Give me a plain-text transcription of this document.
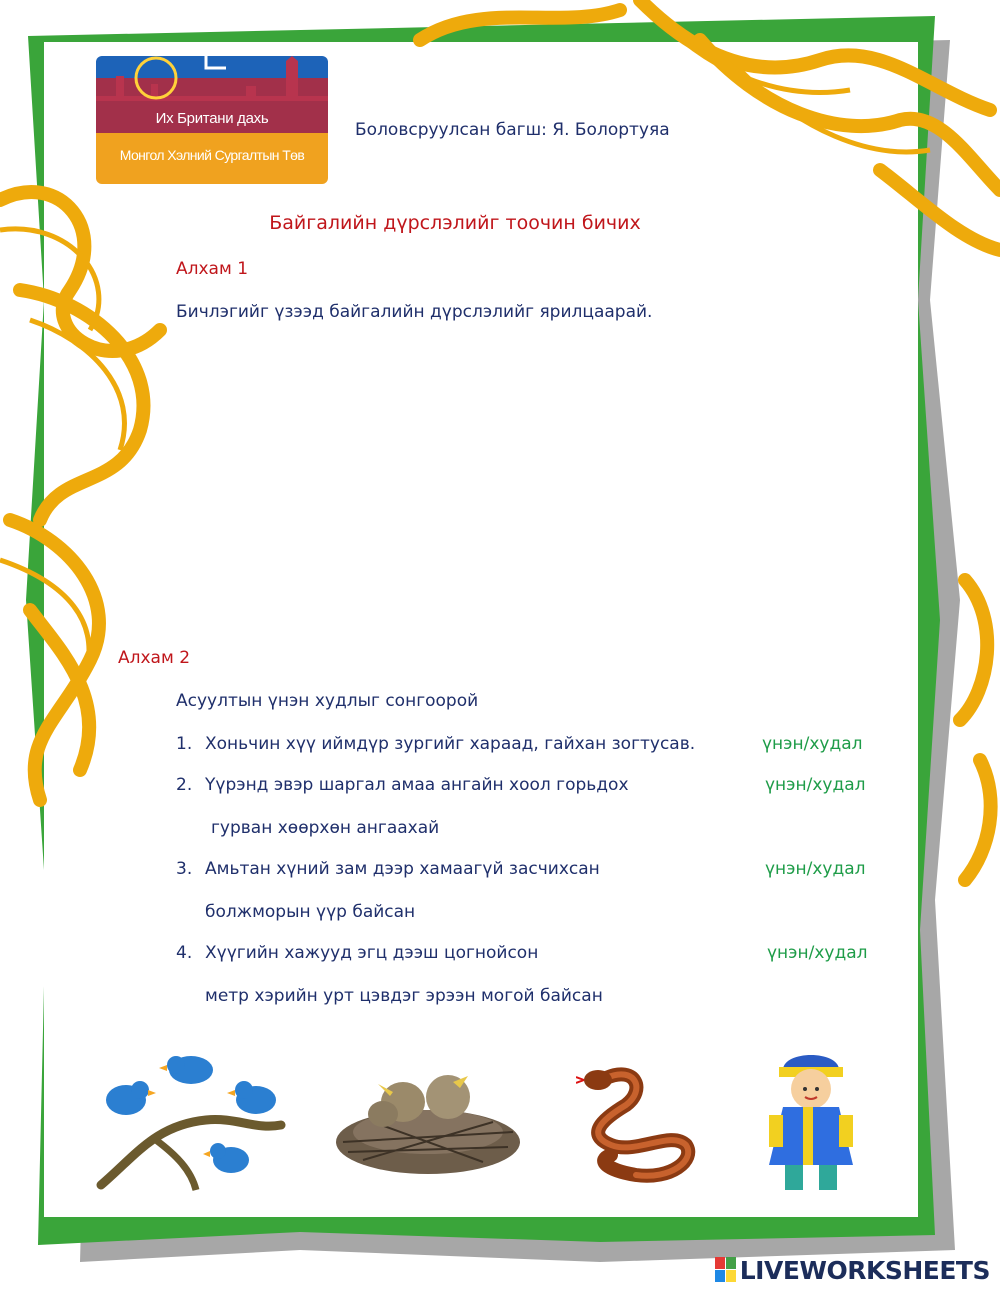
Их Британи дахь
Монгол Хэлний Сургалтын Төв
Боловсруулсан багш: Я. Болортуяа
Байгалийн дүрслэлийг тоочин бичих
Алхам 1
Бичлэгийг үзээд байгалийн дүрслэлийг ярилцаарай.
Алхам 2
Асуултын үнэн худлыг сонгоорой
1. Хоньчин хүү иймдүр зургийг хараад, гайхан зогтусав.	үнэн/худал
2. Үүрэнд эвэр шаргал амаа ангайн хоол горьдох
гурван хөөрхөн ангаахай
үнэн/худал
3. Амьтан хүний зам дээр хамаагүй засчихсан
болжморын үүр байсан
үнэн/худал
4. Хүүгийн хажууд эгц дээш цогнойсон
метр хэрийн урт цэвдэг эрээн могой байсан
үнэн/худал
LIVEWORKSHEETS
